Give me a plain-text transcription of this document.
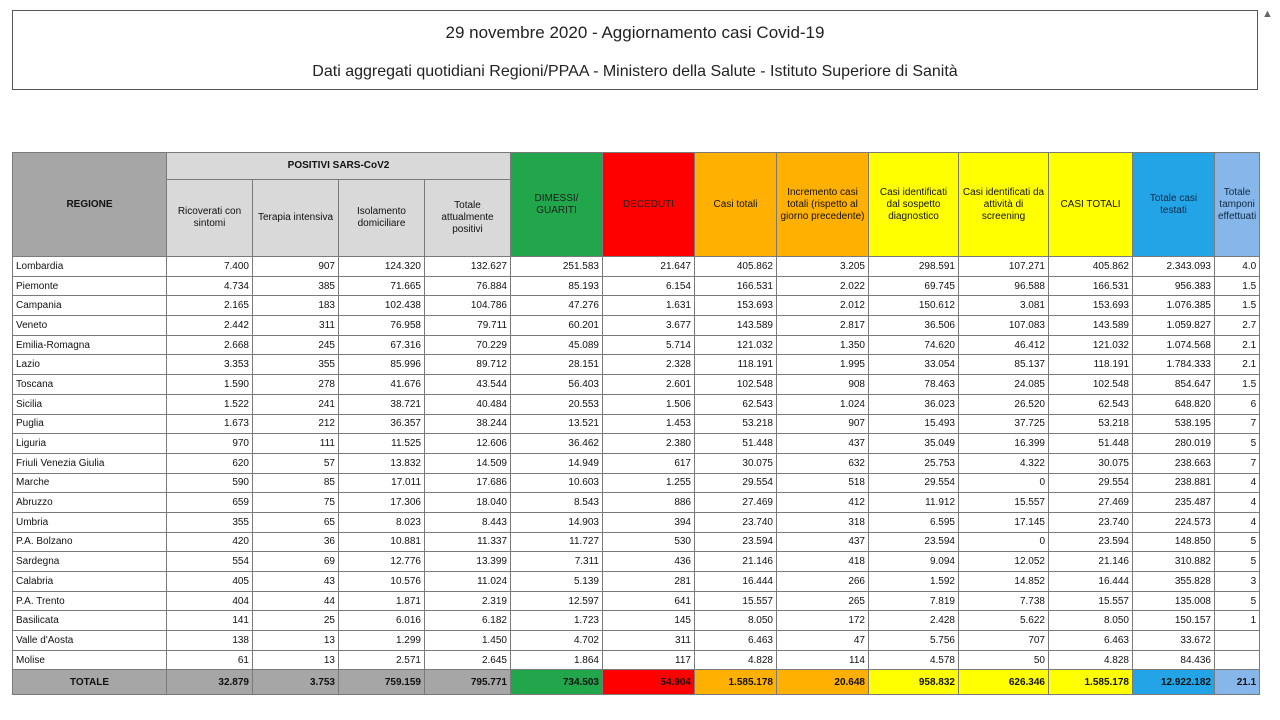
29 novembre 2020 - Aggiornamento casi Covid-19
Dati aggregati quotidiani Regioni/PPAA - Ministero della Salute - Istituto Superiore di Sanità
▲
REGIONE	POSITIVI SARS-CoV2				DIMESSI/ GUARITI	DECEDUTI	Casi totali	Incremento casi totali (rispetto al giorno precedente)	Casi identificati dal sospetto diagnostico	Casi identificati da attività di screening	CASI TOTALI	Totale casi testati	Totale tamponi effettuati
	Ricoverati con sintomi	Terapia intensiva	Isolamento domiciliare	Totale attualmente positivi									
Lombardia	7.400	907	124.320	132.627	251.583	21.647	405.862	3.205	298.591	107.271	405.862	2.343.093	4.0
Piemonte	4.734	385	71.665	76.884	85.193	6.154	166.531	2.022	69.745	96.588	166.531	956.383	1.5
Campania	2.165	183	102.438	104.786	47.276	1.631	153.693	2.012	150.612	3.081	153.693	1.076.385	1.5
Veneto	2.442	311	76.958	79.711	60.201	3.677	143.589	2.817	36.506	107.083	143.589	1.059.827	2.7
Emilia-Romagna	2.668	245	67.316	70.229	45.089	5.714	121.032	1.350	74.620	46.412	121.032	1.074.568	2.1
Lazio	3.353	355	85.996	89.712	28.151	2.328	118.191	1.995	33.054	85.137	118.191	1.784.333	2.1
Toscana	1.590	278	41.676	43.544	56.403	2.601	102.548	908	78.463	24.085	102.548	854.647	1.5
Sicilia	1.522	241	38.721	40.484	20.553	1.506	62.543	1.024	36.023	26.520	62.543	648.820	6
Puglia	1.673	212	36.357	38.244	13.521	1.453	53.218	907	15.493	37.725	53.218	538.195	7
Liguria	970	111	11.525	12.606	36.462	2.380	51.448	437	35.049	16.399	51.448	280.019	5
Friuli Venezia Giulia	620	57	13.832	14.509	14.949	617	30.075	632	25.753	4.322	30.075	238.663	7
Marche	590	85	17.011	17.686	10.603	1.255	29.554	518	29.554	0	29.554	238.881	4
Abruzzo	659	75	17.306	18.040	8.543	886	27.469	412	11.912	15.557	27.469	235.487	4
Umbria	355	65	8.023	8.443	14.903	394	23.740	318	6.595	17.145	23.740	224.573	4
P.A. Bolzano	420	36	10.881	11.337	11.727	530	23.594	437	23.594	0	23.594	148.850	5
Sardegna	554	69	12.776	13.399	7.311	436	21.146	418	9.094	12.052	21.146	310.882	5
Calabria	405	43	10.576	11.024	5.139	281	16.444	266	1.592	14.852	16.444	355.828	3
P.A. Trento	404	44	1.871	2.319	12.597	641	15.557	265	7.819	7.738	15.557	135.008	5
Basilicata	141	25	6.016	6.182	1.723	145	8.050	172	2.428	5.622	8.050	150.157	1
Valle d'Aosta	138	13	1.299	1.450	4.702	311	6.463	47	5.756	707	6.463	33.672	
Molise	61	13	2.571	2.645	1.864	117	4.828	114	4.578	50	4.828	84.436	
TOTALE	32.879	3.753	759.159	795.771	734.503	54.904	1.585.178	20.648	958.832	626.346	1.585.178	12.922.182	21.1
